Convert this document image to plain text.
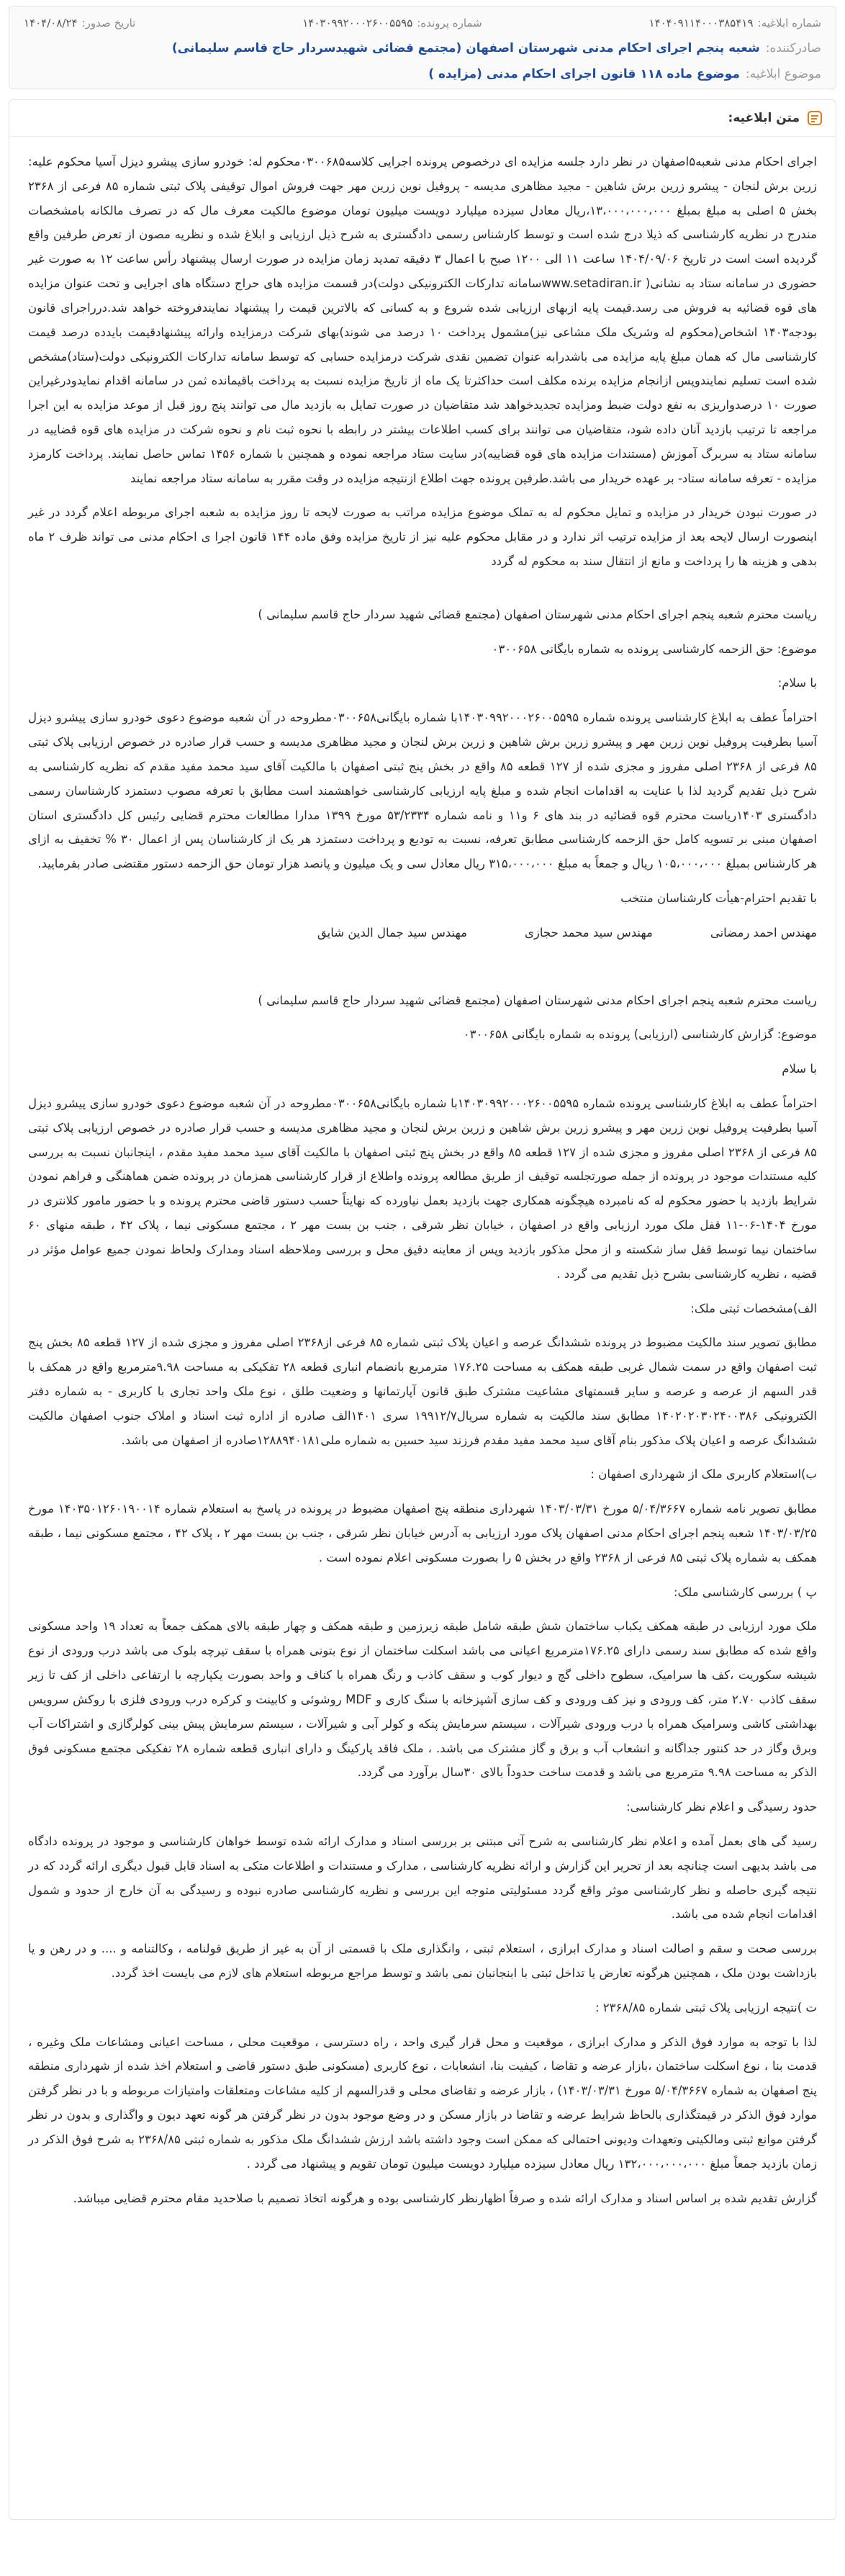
شماره ابلاغیه:
۱۴۰۴۰۹۱۱۴۰۰۰۳۸۵۴۱۹
شماره پرونده:
۱۴۰۳۰۹۹۲۰۰۰۲۶۰۰۵۵۹۵
تاریخ صدور:
۱۴۰۴/۰۸/۲۴
صادرکننده:
شعبه پنجم اجرای احکام مدنی شهرستان اصفهان (مجتمع قضائی شهیدسردار حاج قاسم سلیمانی)
موضوع ابلاغیه:
موضوع ماده ۱۱۸ قانون اجرای احکام مدنی (مزایده )
متن ابلاغیه:

اجرای احکام مدنی شعبه۵اصفهان در نظر دارد جلسه مزایده ای درخصوص پرونده اجرایی کلاسه۰۳۰۰۶۸۵محکوم له: خودرو سازی پیشرو دیزل آسیا محکوم علیه: زرین برش لنجان - پیشرو زرین برش شاهین - مجید مظاهری مدیسه - پروفیل نوین زرین مهر جهت فروش اموال توقیفی پلاک ثبتی شماره ۸۵ فرعی از ۲۳۶۸ بخش ۵ اصلی به مبلغ بمبلغ ۱۳،۰۰۰،۰۰۰،۰۰۰،ریال معادل سیزده میلیارد دویست میلیون تومان موضوع مالکیت معرف مال که در تصرف مالکانه بامشخصات مندرج در نظریه کارشناسی که ذیلا درج شده است و توسط کارشناس رسمی دادگستری به شرح ذیل ارزیابی و ابلاغ شده و نظریه مصون از تعرض طرفین واقع گردیده است است در تاریخ ۱۴۰۴/۰۹/۰۶ ساعت ۱۱ الی ۱۲۰۰ صبح با اعمال ۳ دقیقه تمدید زمان مزایده در صورت ارسال پیشنهاد رأس ساعت ۱۲ به صورت غیر حضوری در سامانه ستاد به نشانی( www.setadiran.irسامانه تدارکات الکترونیکی دولت)در قسمت مزایده های حراج دستگاه های اجرایی و تحت عنوان مزایده های قوه قضائیه به فروش می رسد.قیمت پایه ازبهای ارزیابی شده شروع و به کسانی که بالاترین قیمت را پیشنهاد نمایندفروخته خواهد شد.درراجرای قانون بودجه۱۴۰۳ اشخاص(محکوم له وشریک ملک مشاعی نیز)مشمول پرداخت ۱۰ درصد می شوند)بهای شرکت درمزایده وارائه پیشنهادقیمت بایدده درصد قیمت کارشناسی مال که همان مبلغ پایه مزایده می باشدرابه عنوان تضمین نقدی شرکت درمزایده حسابی که توسط سامانه تدارکات الکترونیکی دولت(ستاد)مشخص شده است تسلیم نمایندوپس ازانجام مزایده برنده مکلف است حداکثرتا یک ماه از تاریخ مزایده نسبت به پرداخت باقیمانده ثمن در سامانه اقدام نمایدودرغیراین صورت ۱۰ درصدواریزی به نفع دولت ضبط ومزایده تجدیدخواهد شد متقاضیان در صورت تمایل به بازدید مال می توانند پنج روز قبل از موعد مزایده به این اجرا مراجعه تا ترتیب بازدید آنان داده شود، متقاضیان می توانند برای کسب اطلاعات بیشتر در رابطه با نحوه ثبت نام و نحوه شرکت در مزایده های قوه قضاییه در سامانه ستاد به سربرگ آموزش (مستندات مزایده های قوه قضاییه)در سایت ستاد مراجعه نموده و همچنین با شماره ۱۴۵۶ تماس حاصل نمایند. پرداخت کارمزد مزایده - تعرفه سامانه ستاد- بر عهده خریدار می باشد.طرفین پرونده جهت اطلاع ازنتیجه مزایده در وقت مقرر به سامانه ستاد مراجعه نمایند

در صورت نبودن خریدار در مزایده و تمایل محکوم له به تملک موضوع مزایده مراتب به صورت لایحه تا روز مزایده به شعبه اجرای مربوطه اعلام گردد در غیر اینصورت ارسال لایحه بعد از مزایده ترتیب اثر ندارد و در مقابل محکوم علیه نیز از تاریخ مزایده وفق ماده ۱۴۴ قانون اجرا ی احکام مدنی می تواند ظرف ۲ ماه بدهی و هزینه ها را پرداخت و مانع از انتقال سند به محکوم له گردد

ریاست محترم شعبه پنجم اجرای احکام مدنی شهرستان اصفهان (مجتمع قضائی شهید سردار حاج قاسم سلیمانی )

موضوع: حق الزحمه کارشناسی پرونده به شماره بایگانی ۰۳۰۰۶۵۸

با سلام:

احتراماً عطف به ابلاغ کارشناسی پرونده شماره ۱۴۰۳۰۹۹۲۰۰۰۲۶۰۰۵۵۹۵با شماره بایگانی۰۳۰۰۶۵۸مطروحه در آن شعبه موضوع دعوی خودرو سازی پیشرو دیزل آسیا بطرفیت پروفیل نوین زرین مهر و پیشرو زرین برش شاهین و زرین برش لنجان و مجید مظاهری مدیسه و حسب قرار صادره در خصوص ارزیابی پلاک ثبتی ۸۵ فرعی از ۲۳۶۸ اصلی مفروز و مجزی شده از ۱۲۷ قطعه ۸۵ واقع در بخش پنج ثبتی اصفهان با مالکیت آقای سید محمد مفید مقدم که نظریه کارشناسی به شرح ذیل تقدیم گردید لذا با عنایت به اقدامات انجام شده و مبلغ پایه ارزیابی کارشناسی خواهشمند است مطابق با تعرفه مصوب دستمزد کارشناسان رسمی دادگستری ۱۴۰۳ریاست محترم قوه قضائیه در بند های ۶ و۱۱ و نامه شماره ۵۳/۲۳۳۴ مورخ ۱۳۹۹ مدارا مطالعات محترم قضایی رئیس کل دادگستری استان اصفهان مبنی بر تسویه کامل حق الزحمه کارشناسی مطابق تعرفه، نسبت به تودیع و پرداخت دستمزد هر یک از کارشناسان پس از اعمال ۳۰ % تخفیف به ازای هر کارشناس بمبلغ ۱۰۵،۰۰۰،۰۰۰ ریال و جمعاً به مبلغ ۳۱۵،۰۰۰،۰۰۰ ریال معادل سی و یک میلیون و پانصد هزار تومان حق الزحمه دستور مقتضی صادر بفرمایید.

با تقدیم احترام-هیأت کارشناسان منتخب

مهندس احمد رمضانی
مهندس سید محمد حجازی
مهندس سید جمال الدین شایق

ریاست محترم شعبه پنجم اجرای احکام مدنی شهرستان اصفهان (مجتمع قضائی شهید سردار حاج قاسم سلیمانی )

موضوع: گزارش کارشناسی (ارزیابی) پرونده به شماره بایگانی ۰۳۰۰۶۵۸

با سلام

احتراماً عطف به ابلاغ کارشناسی پرونده شماره ۱۴۰۳۰۹۹۲۰۰۰۲۶۰۰۵۵۹۵با شماره بایگانی۰۳۰۰۶۵۸مطروحه در آن شعبه موضوع دعوی خودرو سازی پیشرو دیزل آسیا بطرفیت پروفیل نوین زرین مهر و پیشرو زرین برش شاهین و زرین برش لنجان و مجید مظاهری مدیسه و حسب قرار صادره در خصوص ارزیابی پلاک ثبتی ۸۵ فرعی از ۲۳۶۸ اصلی مفروز و مجزی شده از ۱۲۷ قطعه ۸۵ واقع در بخش پنج ثبتی اصفهان با مالکیت آقای سید محمد مفید مقدم ، اینجانبان نسبت به بررسی کلیه مستندات موجود در پرونده از جمله صورتجلسه توقیف از طریق مطالعه پرونده واطلاع از قرار کارشناسی همزمان در پرونده ضمن هماهنگی و فراهم نمودن شرایط بازدید با حضور محکوم له که نامبرده هیچگونه همکاری جهت بازدید بعمل نیاورده که نهایتاً حسب دستور قاضی محترم پرونده و با حضور مامور کلانتری در مورخ ۱۴۰۴-۰۶-۱۱ قفل ملک مورد ارزیابی واقع در اصفهان ، خیابان نظر شرقی ، جنب بن بست مهر ۲ ، مجتمع مسکونی نیما ، پلاک ۴۲ ، طبقه منهای ۶۰ ساختمان نیما توسط قفل ساز شکسته و از محل مذکور بازدید وپس از معاینه دقیق محل و بررسی وملاحظه اسناد ومدارک ولحاظ نمودن جمیع عوامل مؤثر در قضیه ، نظریه کارشناسی بشرح ذیل تقدیم می گردد .

الف)مشخصات ثبتی ملک:

مطابق تصویر سند مالکیت مضبوط در پرونده ششدانگ عرصه و اعیان پلاک ثبتی شماره ۸۵ فرعی از۲۳۶۸ اصلی مفروز و مجزی شده از ۱۲۷ قطعه ۸۵ بخش پنج ثبت اصفهان واقع در سمت شمال غربی طبقه همکف به مساحت ۱۷۶.۲۵ مترمربع بانضمام انباری قطعه ۲۸ تفکیکی به مساحت ۹.۹۸مترمربع واقع در همکف با قدر السهم از عرصه و عرصه و سایر قسمتهای مشاعیت مشترک طبق قانون آپارتمانها و وضعیت طلق ، نوع ملک واحد تجاری با کاربری - به شماره دفتر الکترونیکی ۱۴۰۲۰۲۰۳۰۲۴۰۰۳۸۶ مطابق سند مالکیت به شماره سریال۱۹۹۱۲/۷ سری ۱۴۰۱الف صادره از اداره ثبت اسناد و املاک جنوب اصفهان مالکیت ششدانگ عرصه و اعیان پلاک مذکور بنام آقای سید محمد مفید مقدم فرزند سید حسین به شماره ملی۱۲۸۸۹۴۰۱۸۱صادره از اصفهان می باشد.

ب)استعلام کاربری ملک از شهرداری اصفهان :

مطابق تصویر نامه شماره ۵/۰۴/۳۶۶۷ مورخ ۱۴۰۳/۰۳/۳۱ شهرداری منطقه پنج اصفهان مضبوط در پرونده در پاسخ به استعلام شماره ۱۴۰۳۵۰۱۲۶۰۱۹۰۰۱۴ مورخ ۱۴۰۳/۰۳/۲۵ شعبه پنجم اجرای احکام مدنی اصفهان پلاک مورد ارزیابی به آدرس خیابان نظر شرقی ، جنب بن بست مهر ۲ ، پلاک ۴۲ ، مجتمع مسکونی نیما ، طبقه همکف به شماره پلاک ثبتی ۸۵ فرعی از ۲۳۶۸ واقع در بخش ۵ را بصورت مسکونی اعلام نموده است .

پ ) بررسی کارشناسی ملک:

ملک مورد ارزیابی در طبقه همکف یکباب ساختمان شش طبقه شامل طبقه زیرزمین و طبقه همکف و چهار طبقه بالای همکف جمعاً به تعداد ۱۹ واحد مسکونی واقع شده که مطابق سند رسمی دارای ۱۷۶.۲۵مترمربع اعیانی می باشد اسکلت ساختمان از نوع بتونی همراه با سقف تیرچه بلوک می باشد درب ورودی از نوع شیشه سکوریت ،کف ها سرامیک، سطوح داخلی گچ و دیوار کوب و سقف کاذب و رنگ همراه با کناف و واحد بصورت یکپارچه با ارتفاعی داخلی از کف تا زیر سقف کاذب ۲.۷۰ متر، کف ورودی و نیز کف ورودی و کف سازی آشپزخانه با سنگ کاری و MDF روشوئی و کابینت و کرکره درب ورودی فلزی با روکش سرویس بهداشتی کاشی وسرامیک همراه با درب ورودی شیرآلات ، سیستم سرمایش پنکه و کولر آبی و شیرآلات ، سیستم سرمایش پیش بینی کولرگازی و اشتراکات آب وبرق وگاز در حد کنتور جداگانه و انشعاب آب و برق و گاز مشترک می باشد. ، ملک فاقد پارکینگ و دارای انباری قطعه شماره ۲۸ تفکیکی مجتمع مسکونی فوق الذکر به مساحت ۹.۹۸ مترمربع می باشد و قدمت ساخت حدوداً بالای ۳۰سال برآورد می گردد.

حدود رسیدگی و اعلام نظر کارشناسی:

رسید گی های بعمل آمده و اعلام نظر کارشناسی به شرح آتی مبتنی بر بررسی اسناد و مدارک ارائه شده توسط خواهان کارشناسی و موجود در پرونده دادگاه می باشد بدیهی است چنانچه بعد از تحریر این گزارش و ارائه نظریه کارشناسی ، مدارک و مستندات و اطلاعات متکی به اسناد قابل قبول دیگری ارائه گردد که در نتیجه گیری حاصله و نظر کارشناسی موثر واقع گردد مسئولیتی متوجه این بررسی و نظریه کارشناسی صادره نبوده و رسیدگی به آن خارج از حدود و شمول اقدامات انجام شده می باشد.

بررسی صحت و سقم و اصالت اسناد و مدارک ابرازی ، استعلام ثبتی ، وانگذاری ملک با قسمتی از آن به غیر از طریق قولنامه ، وکالتنامه و .... و در رهن و یا بازداشت بودن ملک ، همچنین هرگونه تعارض یا تداخل ثبتی با ابنجانبان نمی باشد و توسط مراجع مربوطه استعلام های لازم می بایست اخذ گردد.

ت )نتیجه ارزیابی پلاک ثبتی شماره ۲۳۶۸/۸۵ :

لذا با توجه به موارد فوق الذکر و مدارک ابرازی ، موقعیت و محل قرار گیری واحد ، راه دسترسی ، موقعیت محلی ، مساحت اعیانی ومشاعات ملک وغیره ، قدمت بنا ، نوع اسکلت ساختمان ،بازار عرضه و تقاضا ، کیفیت بنا، انشعابات ، نوع کاربری (مسکونی طبق دستور قاضی و استعلام اخذ شده از شهرداری منطقه پنج اصفهان به شماره ۵/۰۴/۳۶۶۷ مورخ ۱۴۰۳/۰۳/۳۱) ، بازار عرضه و تقاضای محلی و قدرالسهم از کلیه مشاعات ومتعلقات وامتیازات مربوطه و با در نظر گرفتن موارد فوق الذکر در قیمتگذاری بالحاظ شرایط عرضه و تقاضا در بازار مسکن و در وضع موجود بدون در نظر گرفتن هر گونه تعهد دیون و واگذاری و بدون در نظر گرفتن موانع ثبتی ومالکیتی وتعهدات ودیونی احتمالی که ممکن است وجود داشته باشد ارزش ششدانگ ملک مذکور به شماره ثبتی ۲۳۶۸/۸۵ به شرح فوق الذکر در زمان بازدید جمعاً مبلغ ۱۳۲،۰۰۰،۰۰۰،۰۰۰ ریال معادل سیزده میلیارد دویست میلیون تومان تقویم و پیشنهاد می گردد .

گزارش تقدیم شده بر اساس اسناد و مدارک ارائه شده و صرفاً اظهارنظر کارشناسی بوده و هرگونه اتخاذ تصمیم با صلاحدید مقام محترم قضایی میباشد.
